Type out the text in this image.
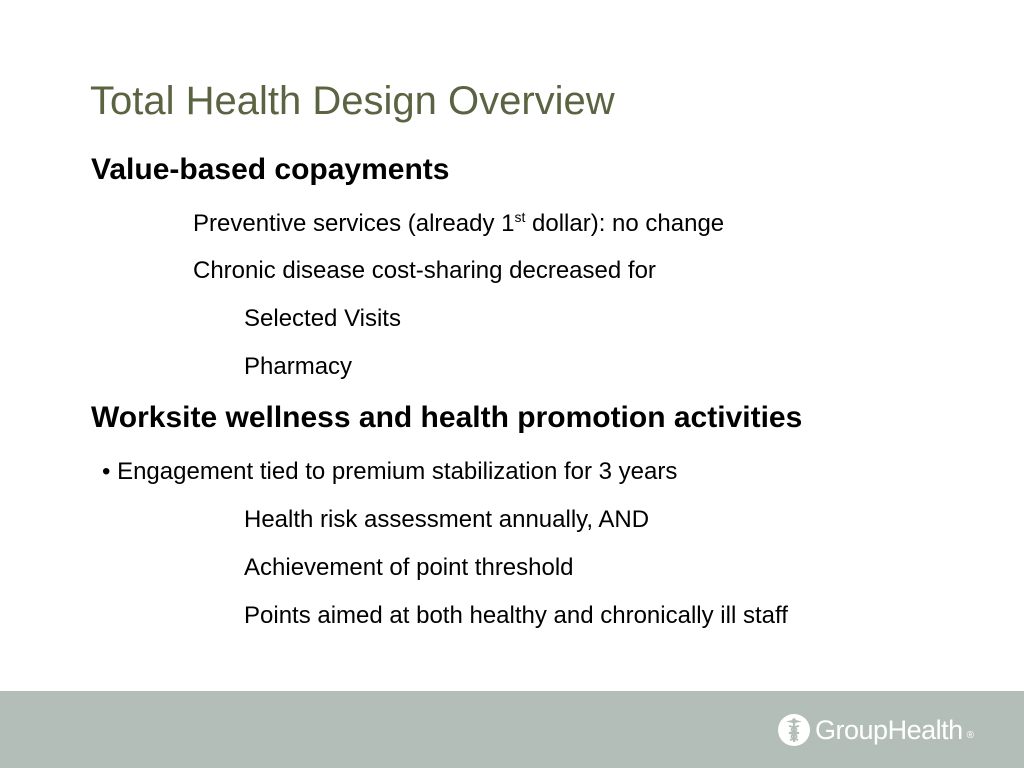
Total Health Design Overview
Value-based copayments
Preventive services (already 1st dollar): no change
Chronic disease cost-sharing decreased for
Selected Visits
Pharmacy
Worksite wellness and health promotion activities
• Engagement tied to premium stabilization for 3 years
Health risk assessment annually, AND
Achievement of point threshold
Points aimed at both healthy and chronically ill staff
GroupHealth ®
